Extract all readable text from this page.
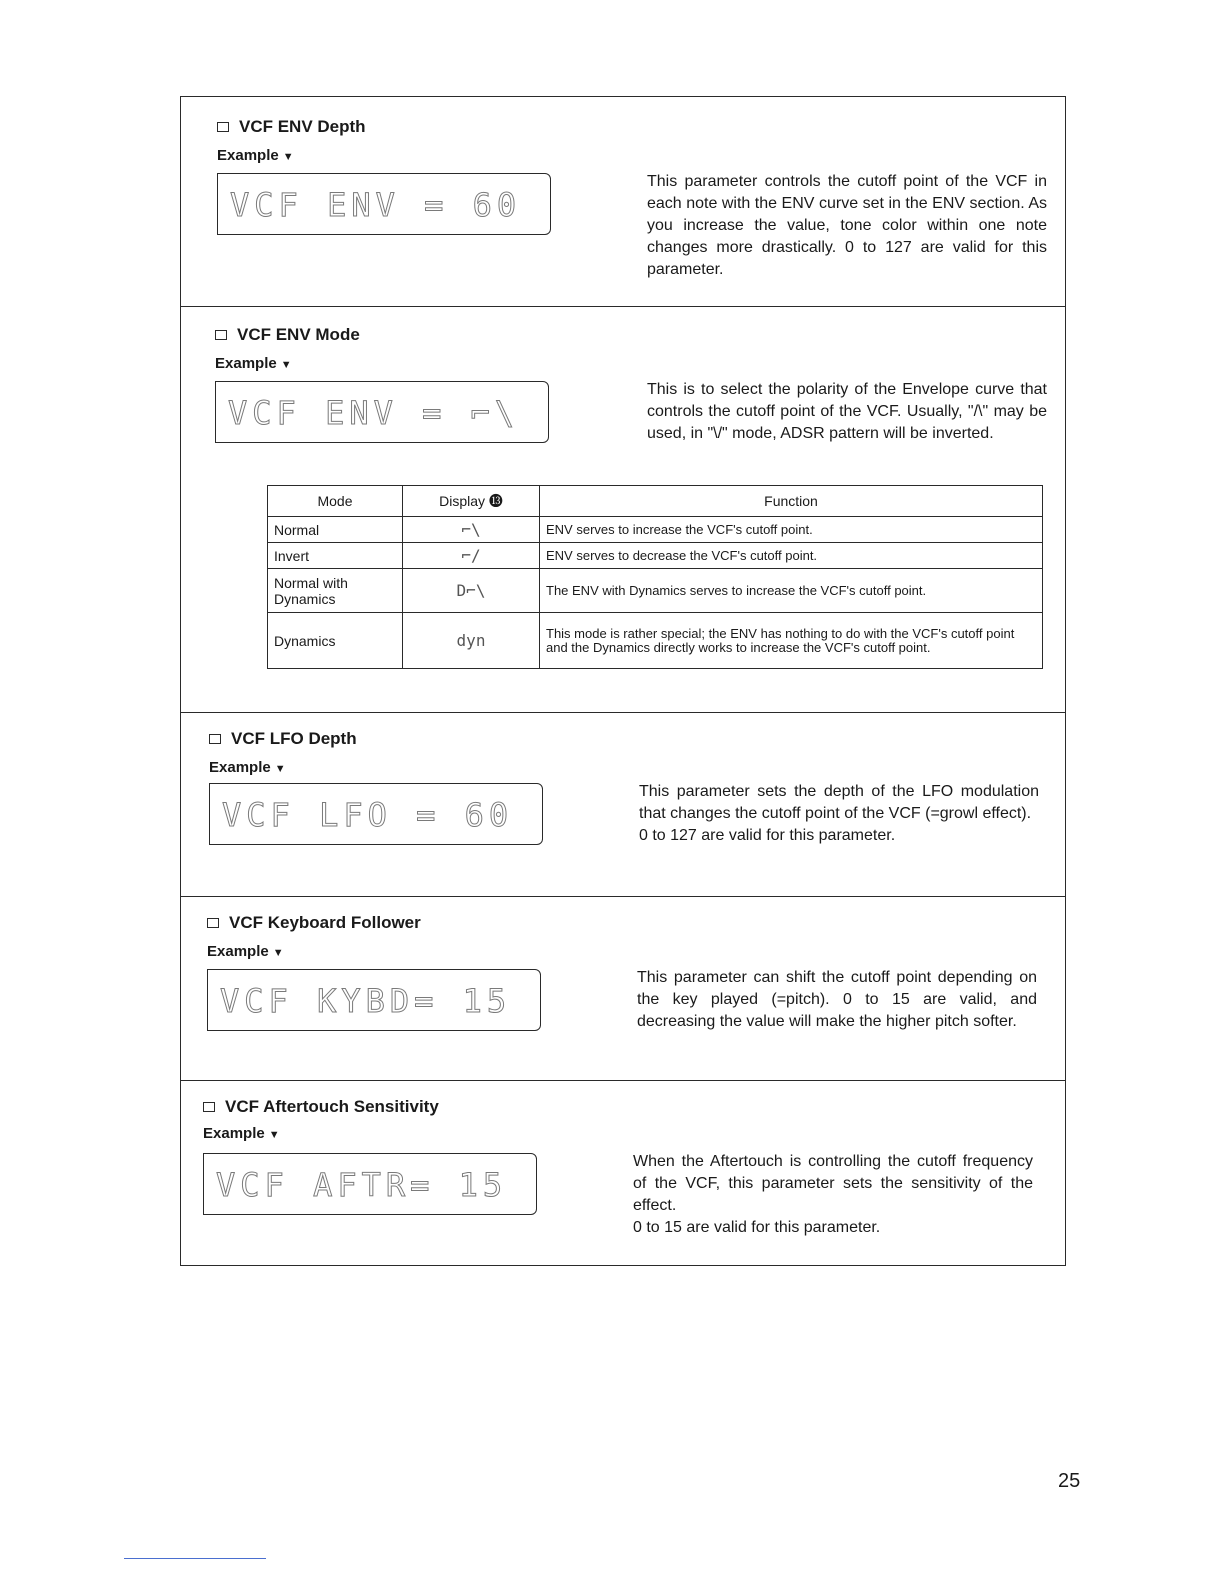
VCF ENV Depth
Example ▼
VCF ENV = 60

This parameter controls the cutoff point of the VCF in each note with the ENV curve set in the ENV section. As you increase the value, tone color within one note changes more drastically. 0 to 127 are valid for this parameter.

VCF ENV Mode
Example ▼
VCF ENV = ⌐\

This is to select the polarity of the Envelope curve that controls the cutoff point of the VCF. Usually, "/\" may be used, in "\/" mode, ADSR pattern will be inverted.

Mode	Display ⓭	Function
Normal	⌐\	ENV serves to increase the VCF's cutoff point.
Invert	⌐/	ENV serves to decrease the VCF's cutoff point.
Normal with Dynamics	D⌐\	The ENV with Dynamics serves to increase the VCF's cutoff point.
Dynamics	dyn	This mode is rather special; the ENV has nothing to do with the VCF's cutoff point and the Dynamics directly works to increase the VCF's cutoff point.
VCF LFO Depth
Example ▼
VCF LFO = 60

This parameter sets the depth of the LFO modulation that changes the cutoff point of the VCF (=growl effect).

0 to 127 are valid for this parameter.

VCF Keyboard Follower
Example ▼
VCF KYBD= 15

This parameter can shift the cutoff point depending on the key played (=pitch). 0 to 15 are valid, and decreasing the value will make the higher pitch softer.

VCF Aftertouch Sensitivity
Example ▼
VCF AFTR= 15

When the Aftertouch is controlling the cutoff frequency of the VCF, this parameter sets the sensitivity of the effect.

0 to 15 are valid for this parameter.

25
